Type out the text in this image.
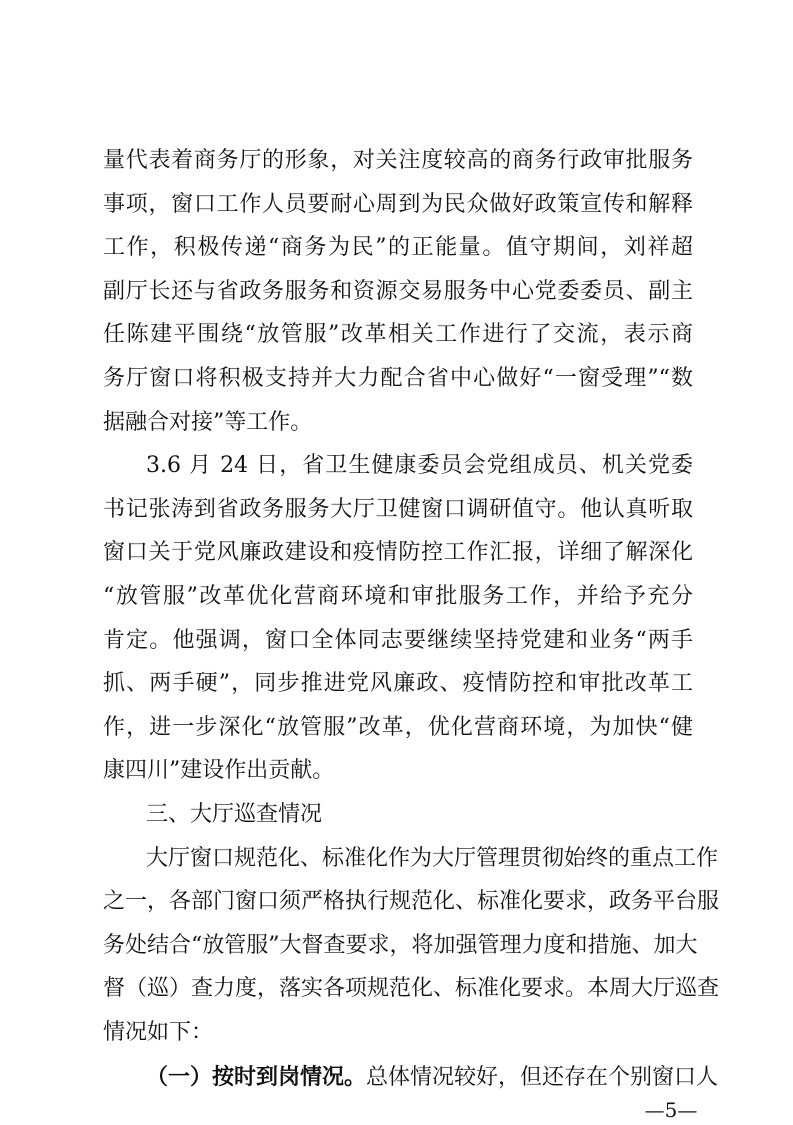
量代表着商务厅的形象，对关注度较高的商务行政审批服务
事项，窗口工作人员要耐心周到为民众做好政策宣传和解释
工作，积极传递“商务为民”的正能量。值守期间，刘祥超
副厅长还与省政务服务和资源交易服务中心党委委员、副主
任陈建平围绕“放管服”改革相关工作进行了交流，表示商
务厅窗口将积极支持并大力配合省中心做好“一窗受理”“数
据融合对接”等工作。
3.6 月 24 日，省卫生健康委员会党组成员、机关党委
书记张涛到省政务服务大厅卫健窗口调研值守。他认真听取
窗口关于党风廉政建设和疫情防控工作汇报，详细了解深化
“放管服”改革优化营商环境和审批服务工作，并给予充分
肯定。他强调，窗口全体同志要继续坚持党建和业务“两手
抓、两手硬”，同步推进党风廉政、疫情防控和审批改革工
作，进一步深化“放管服”改革，优化营商环境，为加快“健
康四川”建设作出贡献。
三、大厅巡查情况
大厅窗口规范化、标准化作为大厅管理贯彻始终的重点工作
之一，各部门窗口须严格执行规范化、标准化要求，政务平台服
务处结合“放管服”大督查要求，将加强管理力度和措施、加大
督（巡）查力度，落实各项规范化、标准化要求。本周大厅巡查
—5—
情况如下：
（一）按时到岗情况。总体情况较好，但还存在个别窗口人
